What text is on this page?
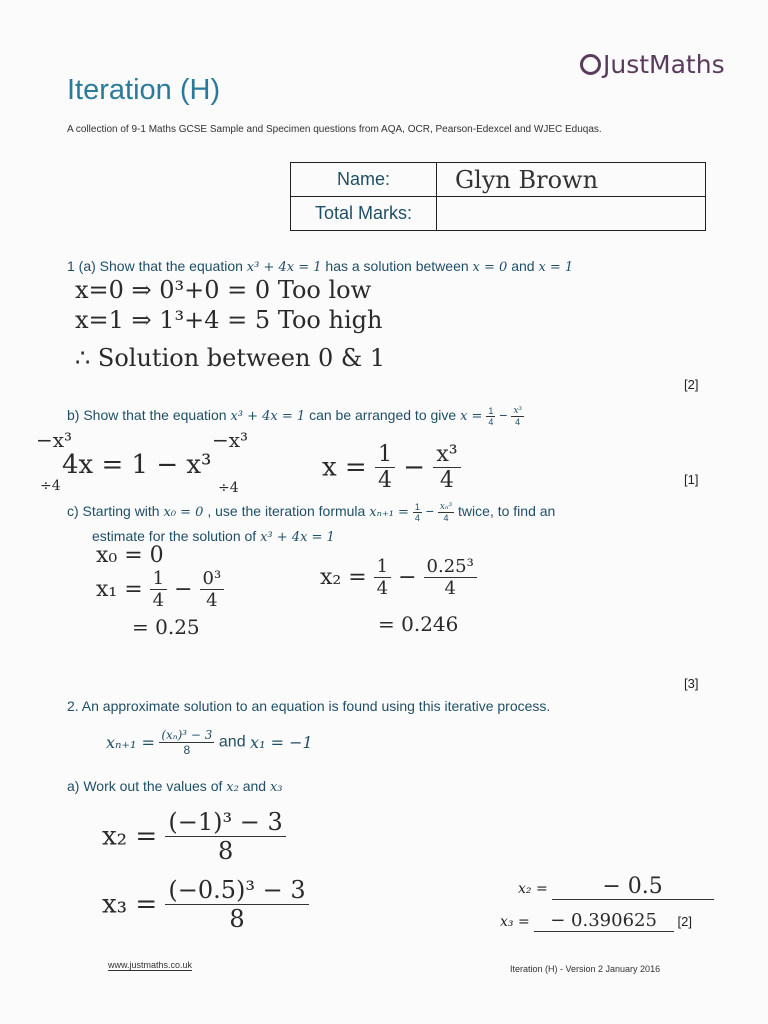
JustMaths
Iteration (H)
A collection of 9-1 Maths GCSE Sample and Specimen questions from AQA, OCR, Pearson-Edexcel and WJEC Eduqas.
Name:	Glyn Brown
Total Marks:	
1 (a) Show that the equation x³ + 4x = 1 has a solution between x = 0 and x = 1
x=0 ⇒ 0³+0 = 0 Too low
x=1 ⇒ 1³+4 = 5 Too high
∴ Solution between 0 & 1
[2]
b) Show that the equation x³ + 4x = 1 can be arranged to give $x = \frac{1}{4} - \frac{\text{x³}}{4}$
−x³	−x³
4x = 1 − x³
÷4	÷4
$x = \frac{1}{4} - \frac{\text{x³}}{4}$	[1]
c) Starting with x₀ = 0 , use the iteration formula $x_{n+1} = \frac{1}{4} - \frac{\text{xₙ³}}{4}$ twice, to find an
estimate for the solution of x³ + 4x = 1
x₀ = 0
$x_1 = \frac{1}{4} - \frac{\text{0³}}{4}$
= 0.25
$x_2 = \frac{1}{4} - \frac{\text{0.25³}}{4}$
= 0.246
[3]
2. An approximate solution to an equation is found using this iterative process.
$x_{n+1} = \frac{\text{(xₙ)³ − 3}}{8}$ and x₁ = −1
a) Work out the values of x₂ and x₃
$x_2 = \frac{\text{(−1)³ − 3}}{8}$
$x_3 = \frac{\text{(−0.5)³ − 3}}{8}$	x₂ = − 0.5
x₃ = − 0.390625 [2]
www.justmaths.co.uk	Iteration (H) - Version 2 January 2016
